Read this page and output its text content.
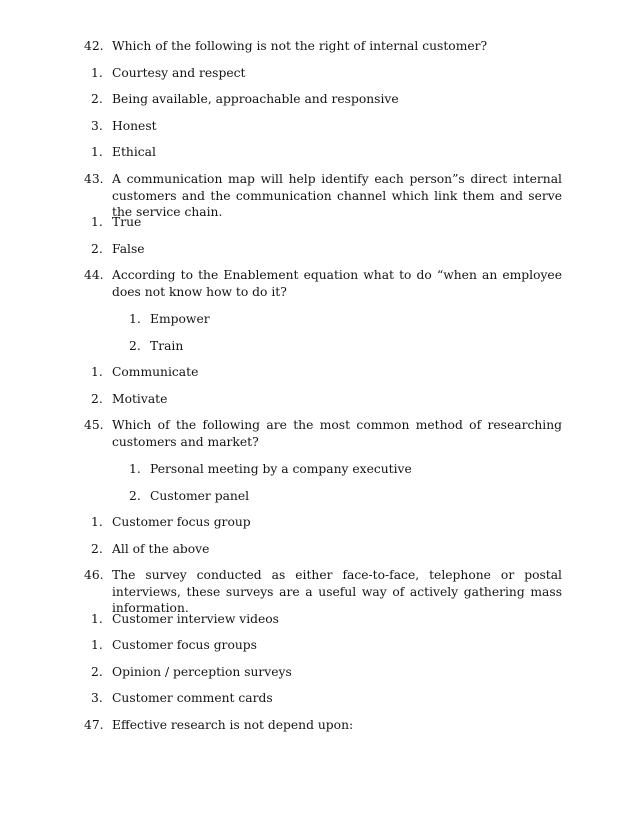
42. Which of the following is not the right of internal customer?
1. Courtesy and respect
2. Being available, approachable and responsive
3. Honest
1. Ethical
43. A communication map will help identify each person”s direct internal customers and the communication channel which link them and serve the service chain.
1. True
2. False
44. According to the Enablement equation what to do “when an employee does not know how to do it?
1. Empower
2. Train
1. Communicate
2. Motivate
45. Which of the following are the most common method of researching customers and market?
1. Personal meeting by a company executive
2. Customer panel
1. Customer focus group
2. All of the above
46. The survey conducted as either face-to-face, telephone or postal interviews, these surveys are a useful way of actively gathering mass information.
1. Customer interview videos
1. Customer focus groups
2. Opinion / perception surveys
3. Customer comment cards
47. Effective research is not depend upon:
